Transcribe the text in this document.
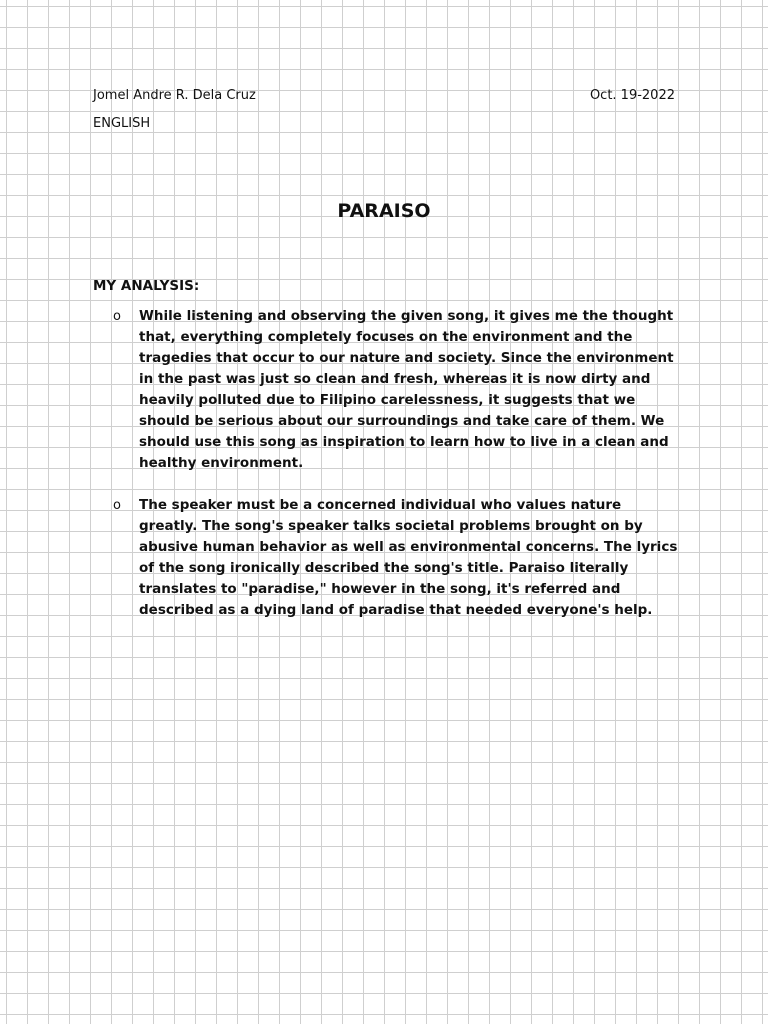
Jomel Andre R. Dela Cruz	Oct. 19-2022
ENGLISH
PARAISO
MY ANALYSIS:
o While listening and observing the given song, it gives me the thought that, everything completely focuses on the environment and the tragedies that occur to our nature and society. Since the environment in the past was just so clean and fresh, whereas it is now dirty and heavily polluted due to Filipino carelessness, it suggests that we should be serious about our surroundings and take care of them. We should use this song as inspiration to learn how to live in a clean and healthy environment.
o The speaker must be a concerned individual who values nature greatly. The song's speaker talks societal problems brought on by abusive human behavior as well as environmental concerns. The lyrics of the song ironically described the song's title. Paraiso literally translates to "paradise," however in the song, it's referred and described as a dying land of paradise that needed everyone's help.
